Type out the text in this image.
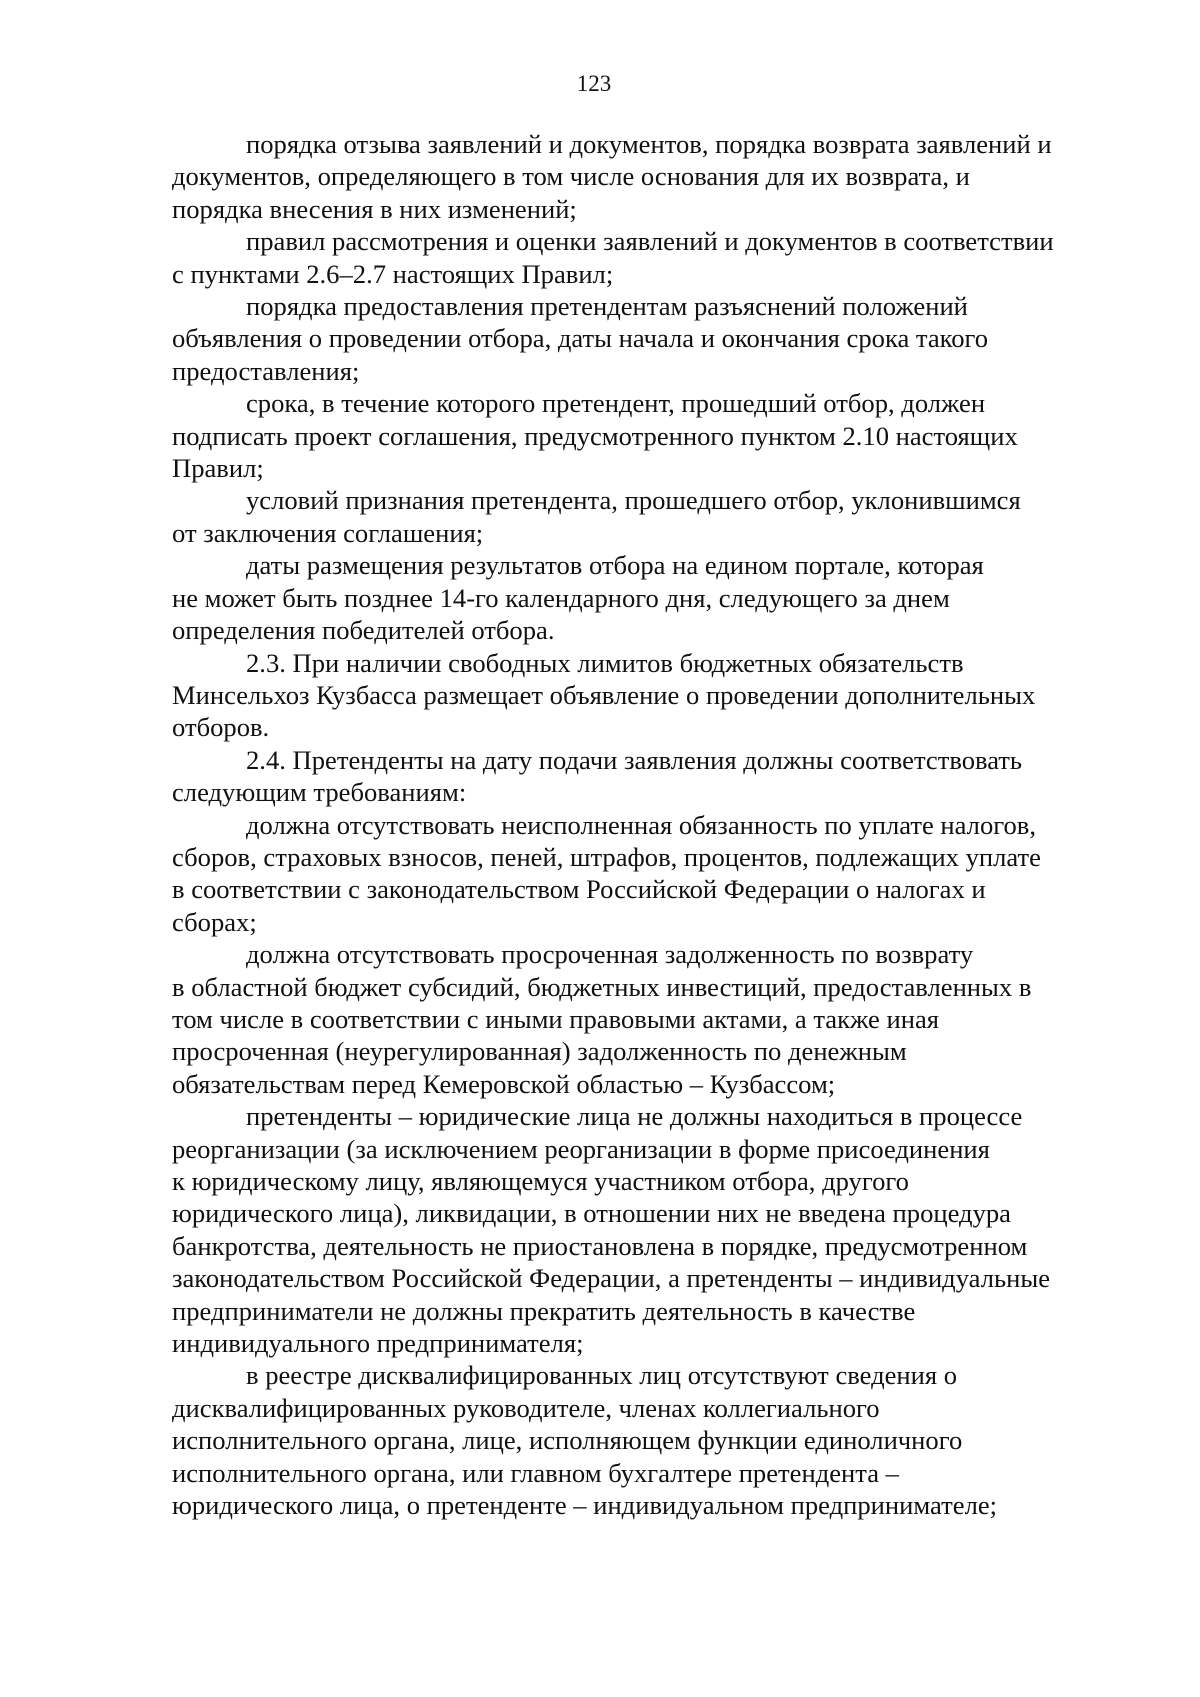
123

порядка отзыва заявлений и документов, порядка возврата заявлений и
документов, определяющего в том числе основания для их возврата, и
порядка внесения в них изменений;

правил рассмотрения и оценки заявлений и документов в соответствии
с пунктами 2.6–2.7 настоящих Правил;

порядка предоставления претендентам разъяснений положений
объявления о проведении отбора, даты начала и окончания срока такого
предоставления;

срока, в течение которого претендент, прошедший отбор, должен
подписать проект соглашения, предусмотренного пунктом 2.10 настоящих
Правил;

условий признания претендента, прошедшего отбор, уклонившимся
от заключения соглашения;

даты размещения результатов отбора на едином портале, которая
не может быть позднее 14-го календарного дня, следующего за днем
определения победителей отбора.

2.3. При наличии свободных лимитов бюджетных обязательств
Минсельхоз Кузбасса размещает объявление о проведении дополнительных
отборов.

2.4. Претенденты на дату подачи заявления должны соответствовать
следующим требованиям:

должна отсутствовать неисполненная обязанность по уплате налогов,
сборов, страховых взносов, пеней, штрафов, процентов, подлежащих уплате
в соответствии с законодательством Российской Федерации о налогах и
сборах;

должна отсутствовать просроченная задолженность по возврату
в областной бюджет субсидий, бюджетных инвестиций, предоставленных в
том числе в соответствии с иными правовыми актами, а также иная
просроченная (неурегулированная) задолженность по денежным
обязательствам перед Кемеровской областью – Кузбассом;

претенденты – юридические лица не должны находиться в процессе
реорганизации (за исключением реорганизации в форме присоединения
к юридическому лицу, являющемуся участником отбора, другого
юридического лица), ликвидации, в отношении них не введена процедура
банкротства, деятельность не приостановлена в порядке, предусмотренном
законодательством Российской Федерации, а претенденты – индивидуальные
предприниматели не должны прекратить деятельность в качестве
индивидуального предпринимателя;

в реестре дисквалифицированных лиц отсутствуют сведения о
дисквалифицированных руководителе, членах коллегиального
исполнительного органа, лице, исполняющем функции единоличного
исполнительного органа, или главном бухгалтере претендента –
юридического лица, о претенденте – индивидуальном предпринимателе;
